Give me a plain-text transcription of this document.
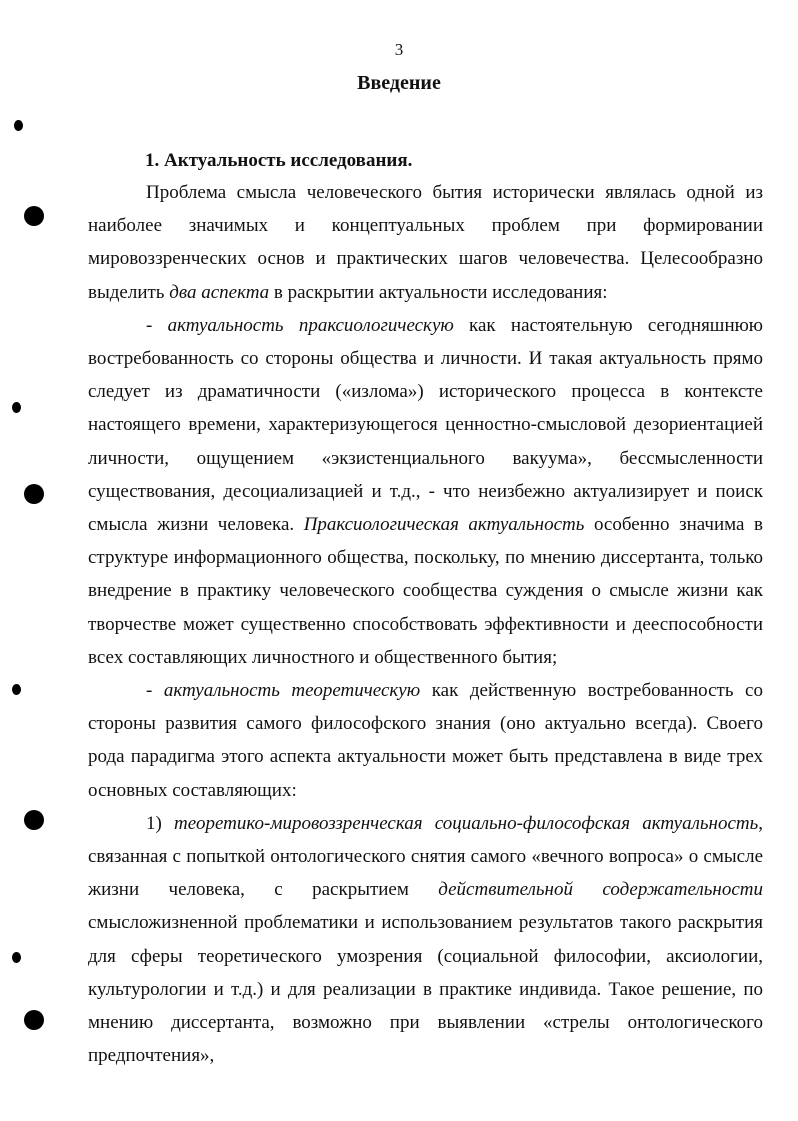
3
Введение
1. Актуальность исследования.

Проблема смысла человеческого бытия исторически являлась одной из наиболее значимых и концептуальных проблем при формировании мировоззренческих основ и практических шагов человечества. Целесообразно выделить два аспекта в раскрытии актуальности исследования:

- актуальность праксиологическую как настоятельную сегодняшнюю востребованность со стороны общества и личности. И такая актуальность прямо следует из драматичности («излома») исторического процесса в контексте настоящего времени, характеризующегося ценностно-смысловой дезориентацией личности, ощущением «экзистенциального вакуума», бессмысленности существования, десоциализацией и т.д., - что неизбежно актуализирует и поиск смысла жизни человека. Праксиологическая актуальность особенно значима в структуре информационного общества, поскольку, по мнению диссертанта, только внедрение в практику человеческого сообщества суждения о смысле жизни как творчестве может существенно способствовать эффективности и дееспособности всех составляющих личностного и общественного бытия;

- актуальность теоретическую как действенную востребованность со стороны развития самого философского знания (оно актуально всегда). Своего рода парадигма этого аспекта актуальности может быть представлена в виде трех основных составляющих:

1) теоретико-мировоззренческая социально-философская актуальность, связанная с попыткой онтологического снятия самого «вечного вопроса» о смысле жизни человека, с раскрытием действительной содержательности смысложизненной проблематики и использованием результатов такого раскрытия для сферы теоретического умозрения (социальной философии, аксиологии, культурологии и т.д.) и для реализации в практике индивида. Такое решение, по мнению диссертанта, возможно при выявлении «стрелы онтологического предпочтения»,
